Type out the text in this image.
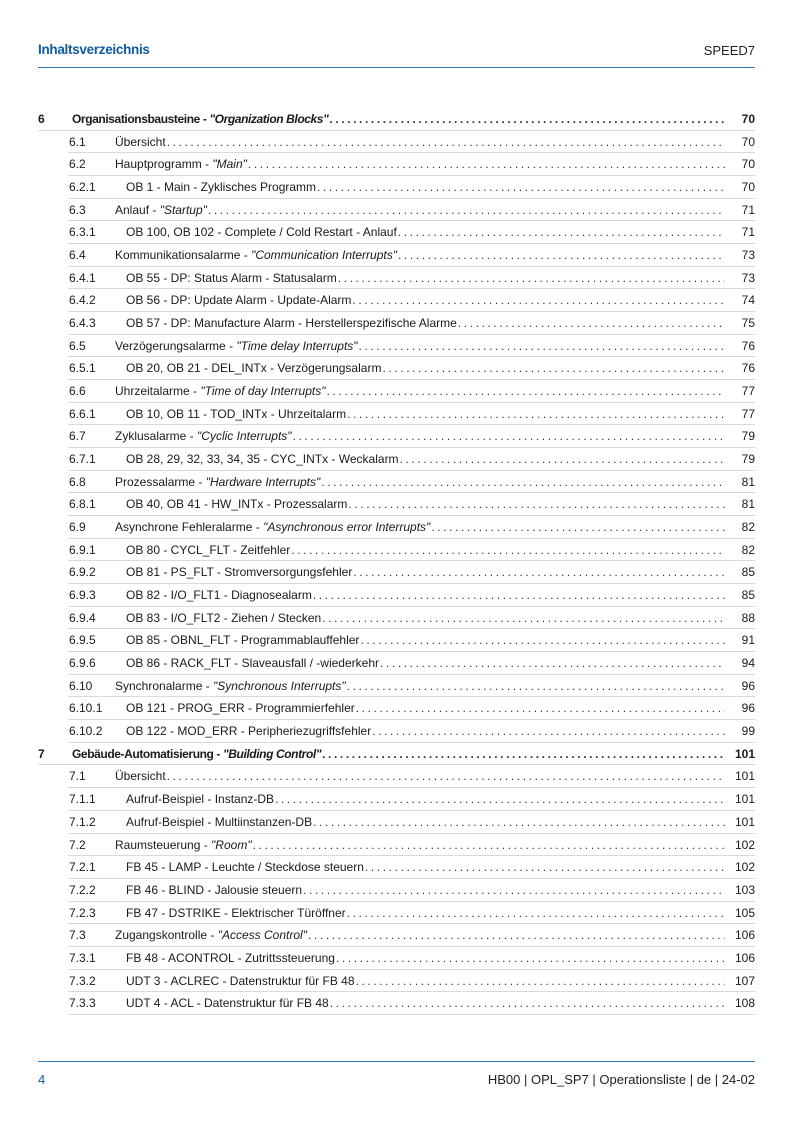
Inhaltsverzeichnis	SPEED7
6 Organisationsbausteine - "Organization Blocks" .....	70
6.1 Übersicht .....	70
6.2 Hauptprogramm - "Main" .....	70
6.2.1	OB 1 - Main - Zyklisches Programm .....	70
6.3 Anlauf - "Startup" .....	71
6.3.1	OB 100, OB 102 - Complete / Cold Restart - Anlauf .....	71
6.4 Kommunikationsalarme - "Communication Interrupts" .....	73
6.4.1	OB 55 - DP: Status Alarm - Statusalarm .....	73
6.4.2	OB 56 - DP: Update Alarm - Update-Alarm .....	74
6.4.3	OB 57 - DP: Manufacture Alarm - Herstellerspezifische Alarme .....	75
6.5 Verzögerungsalarme - "Time delay Interrupts" .....	76
6.5.1	OB 20, OB 21 - DEL_INTx - Verzögerungsalarm .....	76
6.6 Uhrzeitalarme - "Time of day Interrupts" .....	77
6.6.1	OB 10, OB 11 - TOD_INTx - Uhrzeitalarm .....	77
6.7 Zyklusalarme - "Cyclic Interrupts" .....	79
6.7.1	OB 28, 29, 32, 33, 34, 35 - CYC_INTx - Weckalarm .....	79
6.8 Prozessalarme - "Hardware Interrupts" .....	81
6.8.1	OB 40, OB 41 - HW_INTx - Prozessalarm .....	81
6.9 Asynchrone Fehleralarme - "Asynchronous error Interrupts" .....	82
6.9.1	OB 80 - CYCL_FLT - Zeitfehler .....	82
6.9.2	OB 81 - PS_FLT - Stromversorgungsfehler .....	85
6.9.3	OB 82 - I/O_FLT1 - Diagnosealarm .....	85
6.9.4	OB 83 - I/O_FLT2 - Ziehen / Stecken .....	88
6.9.5	OB 85 - OBNL_FLT - Programmablauffehler .....	91
6.9.6	OB 86 - RACK_FLT - Slaveausfall / -wiederkehr .....	94
6.10 Synchronalarme - "Synchronous Interrupts" .....	96
6.10.1 OB 121 - PROG_ERR - Programmierfehler .....	96
6.10.2 OB 122 - MOD_ERR - Peripheriezugriffsfehler .....	99
7 Gebäude-Automatisierung - "Building Control" .....	101
7.1 Übersicht .....	101
7.1.1	Aufruf-Beispiel - Instanz-DB .....	101
7.1.2	Aufruf-Beispiel - Multiinstanzen-DB .....	101
7.2 Raumsteuerung - "Room" .....	102
7.2.1	FB 45 - LAMP - Leuchte / Steckdose steuern .....	102
7.2.2	FB 46 - BLIND - Jalousie steuern .....	103
7.2.3	FB 47 - DSTRIKE - Elektrischer Türöffner .....	105
7.3 Zugangskontrolle - "Access Control" .....	106
7.3.1	FB 48 - ACONTROL - Zutrittssteuerung .....	106
7.3.2	UDT 3 - ACLREC - Datenstruktur für FB 48 .....	107
7.3.3	UDT 4 - ACL - Datenstruktur für FB 48 .....	108
4	HB00 | OPL_SP7 | Operationsliste | de | 24-02
